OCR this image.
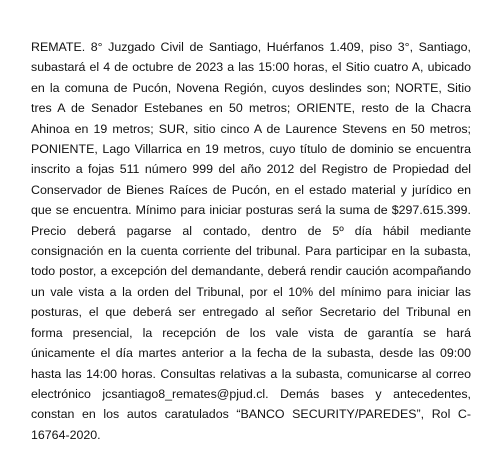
REMATE. 8° Juzgado Civil de Santiago, Huérfanos 1.409, piso 3°, Santiago, subastará el 4 de octubre de 2023 a las 15:00 horas, el Sitio cuatro A, ubicado en la comuna de Pucón, Novena Región, cuyos deslindes son; NORTE, Sitio tres A de Senador Estebanes en 50 metros; ORIENTE, resto de la Chacra Ahinoa en 19 metros; SUR, sitio cinco A de Laurence Stevens en 50 metros; PONIENTE, Lago Villarrica en 19 metros, cuyo título de dominio se encuentra inscrito a fojas 511 número 999 del año 2012 del Registro de Propiedad del Conservador de Bienes Raíces de Pucón, en el estado material y jurídico en que se encuentra. Mínimo para iniciar posturas será la suma de $297.615.399. Precio deberá pagarse al contado, dentro de 5º día hábil mediante consignación en la cuenta corriente del tribunal. Para participar en la subasta, todo postor, a excepción del demandante, deberá rendir caución acompañando un vale vista a la orden del Tribunal, por el 10% del mínimo para iniciar las posturas, el que deberá ser entregado al señor Secretario del Tribunal en forma presencial, la recepción de los vale vista de garantía se hará únicamente el día martes anterior a la fecha de la subasta, desde las 09:00 hasta las 14:00 horas. Consultas relativas a la subasta, comunicarse al correo electrónico jcsantiago8_remates@pjud.cl. Demás bases y antecedentes, constan en los autos caratulados “BANCO SECURITY/PAREDES”, Rol C-16764-2020.
